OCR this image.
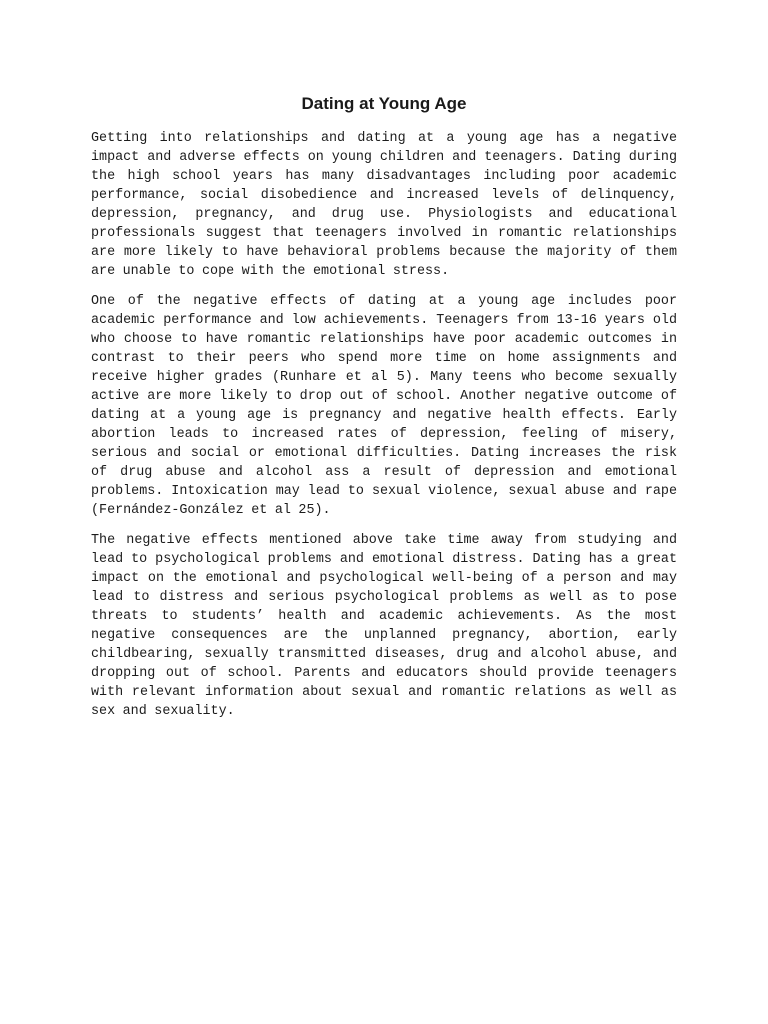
Dating at Young Age

Getting into relationships and dating at a young age has a negative impact and adverse effects on young children and teenagers. Dating during the high school years has many disadvantages including poor academic performance, social disobedience and increased levels of delinquency, depression, pregnancy, and drug use. Physiologists and educational professionals suggest that teenagers involved in romantic relationships are more likely to have behavioral problems because the majority of them are unable to cope with the emotional stress.

One of the negative effects of dating at a young age includes poor academic performance and low achievements. Teenagers from 13-16 years old who choose to have romantic relationships have poor academic outcomes in contrast to their peers who spend more time on home assignments and receive higher grades (Runhare et al 5). Many teens who become sexually active are more likely to drop out of school. Another negative outcome of dating at a young age is pregnancy and negative health effects. Early abortion leads to increased rates of depression, feeling of misery, serious and social or emotional difficulties. Dating increases the risk of drug abuse and alcohol ass a result of depression and emotional problems. Intoxication may lead to sexual violence, sexual abuse and rape (Fernández-González et al 25).

The negative effects mentioned above take time away from studying and lead to psychological problems and emotional distress. Dating has a great impact on the emotional and psychological well-being of a person and may lead to distress and serious psychological problems as well as to pose threats to students’ health and academic achievements. As the most negative consequences are the unplanned pregnancy, abortion, early childbearing, sexually transmitted diseases, drug and alcohol abuse, and dropping out of school. Parents and educators should provide teenagers with relevant information about sexual and romantic relations as well as sex and sexuality.
